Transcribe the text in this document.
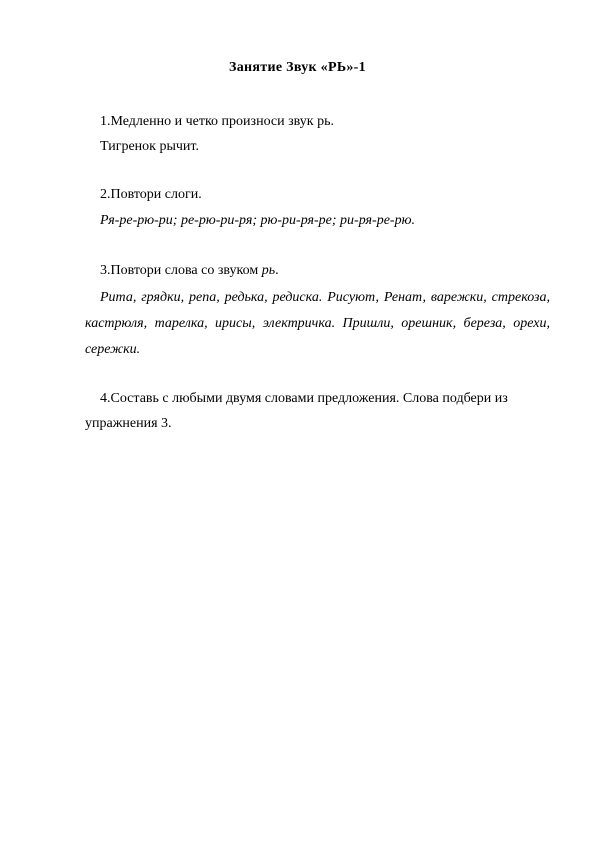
Занятие Звук «РЬ»-1
1.Медленно и четко произноси звук рь.
Тигренок рычит.
2.Повтори слоги.
Ря-ре-рю-ри; ре-рю-ри-ря; рю-ри-ря-ре; ри-ря-ре-рю.
3.Повтори слова со звуком рь.
Рита, грядки, репа, редька, редиска. Рисуют, Ренат, варежки, стрекоза, кастрюля, тарелка, ирисы, электричка. Пришли, орешник, береза, орехи, сережки.
4.Составь с любыми двумя словами предложения. Слова подбери из
упражнения 3.
